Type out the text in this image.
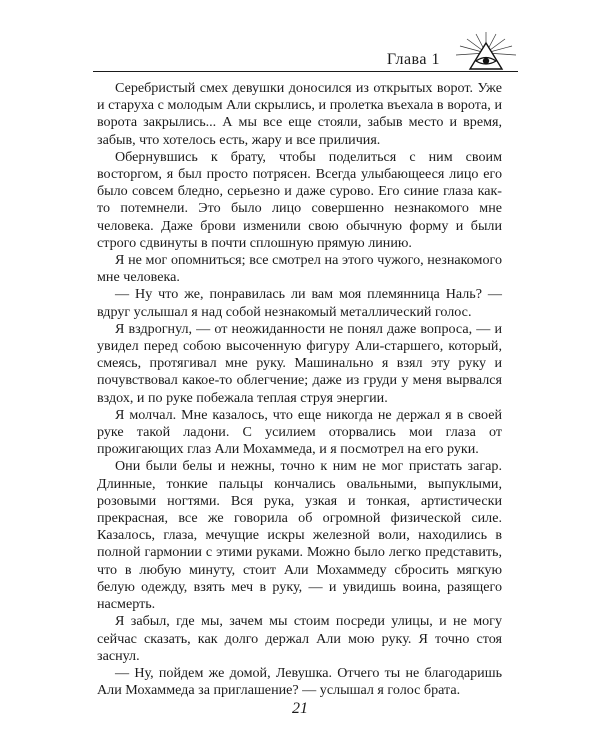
Глава 1

Серебристый смех девушки доносился из открытых ворот. Уже и старуха с молодым Али скрылись, и пролетка въехала в ворота, и ворота закрылись... А мы все еще стояли, забыв место и время, забыв, что хотелось есть, жару и все приличия.

Обернувшись к брату, чтобы поделиться с ним своим восторгом, я был просто потрясен. Всегда улыбающееся лицо его было совсем бледно, серьезно и даже сурово. Его синие глаза как-то потемнели. Это было лицо совершенно незнакомого мне человека. Даже брови изменили свою обычную форму и были строго сдвинуты в почти сплошную прямую линию.

Я не мог опомниться; все смотрел на этого чужого, незнакомого мне человека.

— Ну что же, понравилась ли вам моя племянница Наль? — вдруг услышал я над собой незнакомый металлический голос.

Я вздрогнул, — от неожиданности не понял даже вопроса, — и увидел перед собою высоченную фигуру Али-старшего, который, смеясь, протягивал мне руку. Машинально я взял эту руку и почувствовал какое-то облегчение; даже из груди у меня вырвался вздох, и по руке побежала теплая струя энергии.

Я молчал. Мне казалось, что еще никогда не держал я в своей руке такой ладони. С усилием оторвались мои глаза от прожигающих глаз Али Мохаммеда, и я посмотрел на его руки.

Они были белы и нежны, точно к ним не мог пристать загар. Длинные, тонкие пальцы кончались овальными, выпуклыми, розовыми ногтями. Вся рука, узкая и тонкая, артистически прекрасная, все же говорила об огромной физической силе. Казалось, глаза, мечущие искры железной воли, находились в полной гармонии с этими руками. Можно было легко представить, что в любую минуту, стоит Али Мохаммеду сбросить мягкую белую одежду, взять меч в руку, — и увидишь воина, разящего насмерть.

Я забыл, где мы, зачем мы стоим посреди улицы, и не могу сейчас сказать, как долго держал Али мою руку. Я точно стоя заснул.

— Ну, пойдем же домой, Левушка. Отчего ты не благодаришь Али Мохаммеда за приглашение? — услышал я голос брата.

21
